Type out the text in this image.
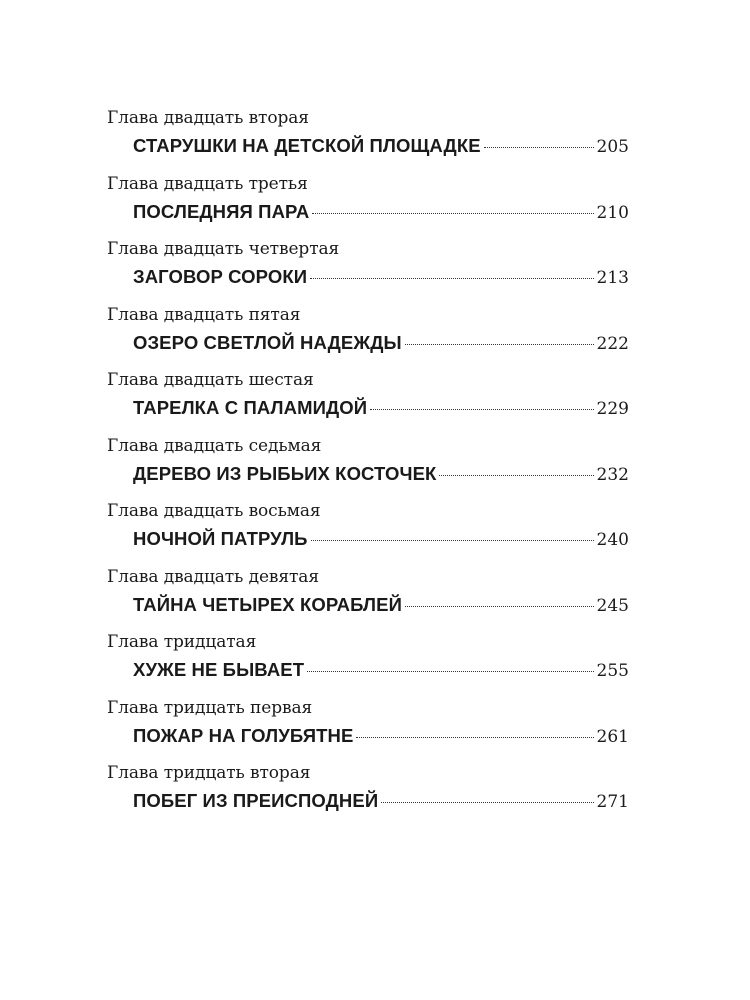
Глава двадцать вторая
СТАРУШКИ НА ДЕТСКОЙ ПЛОЩАДКЕ	205
Глава двадцать третья
ПОСЛЕДНЯЯ ПАРА	210
Глава двадцать четвертая
ЗАГОВОР СОРОКИ	213
Глава двадцать пятая
ОЗЕРО СВЕТЛОЙ НАДЕЖДЫ	222
Глава двадцать шестая
ТАРЕЛКА С ПАЛАМИДОЙ	229
Глава двадцать седьмая
ДЕРЕВО ИЗ РЫБЬИХ КОСТОЧЕК	232
Глава двадцать восьмая
НОЧНОЙ ПАТРУЛЬ	240
Глава двадцать девятая
ТАЙНА ЧЕТЫРЕХ КОРАБЛЕЙ	245
Глава тридцатая
ХУЖЕ НЕ БЫВАЕТ	255
Глава тридцать первая
ПОЖАР НА ГОЛУБЯТНЕ	261
Глава тридцать вторая
ПОБЕГ ИЗ ПРЕИСПОДНЕЙ	271
